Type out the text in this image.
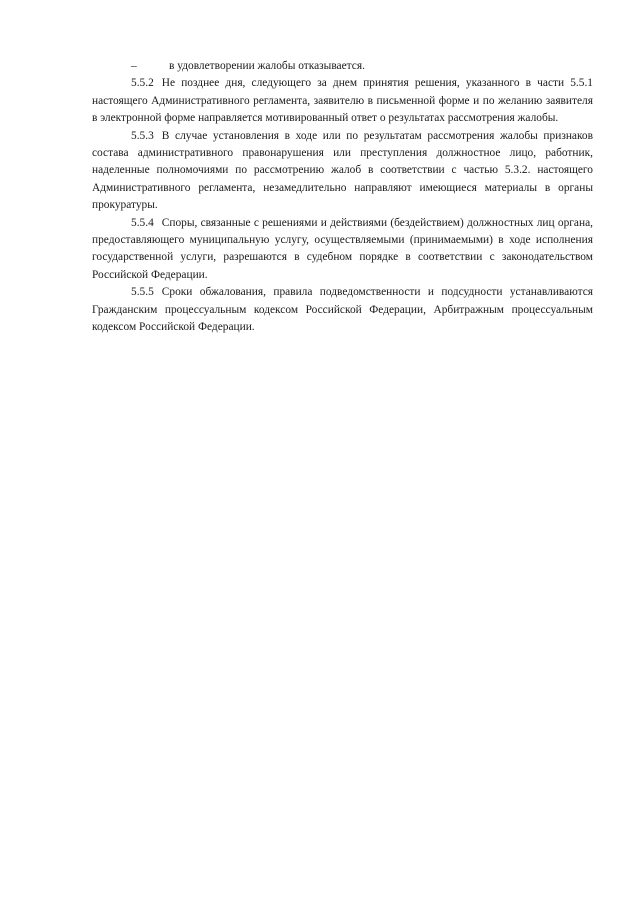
–	в удовлетворении жалобы отказывается.

5.5.2 Не позднее дня, следующего за днем принятия решения, указанного в части 5.5.1 настоящего Административного регламента, заявителю в письменной форме и по желанию заявителя в электронной форме направляется мотивированный ответ о результатах рассмотрения жалобы.

5.5.3 В случае установления в ходе или по результатам рассмотрения жалобы признаков состава административного правонарушения или преступления должностное лицо, работник, наделенные полномочиями по рассмотрению жалоб в соответствии с частью 5.3.2. настоящего Административного регламента, незамедлительно направляют имеющиеся материалы в органы прокуратуры.

5.5.4 Споры, связанные с решениями и действиями (бездействием) должностных лиц органа, предоставляющего муниципальную услугу, осуществляемыми (принимаемыми) в ходе исполнения государственной услуги, разрешаются в судебном порядке в соответствии с законодательством Российской Федерации.

5.5.5 Сроки обжалования, правила подведомственности и подсудности устанавливаются Гражданским процессуальным кодексом Российской Федерации, Арбитражным процессуальным кодексом Российской Федерации.
